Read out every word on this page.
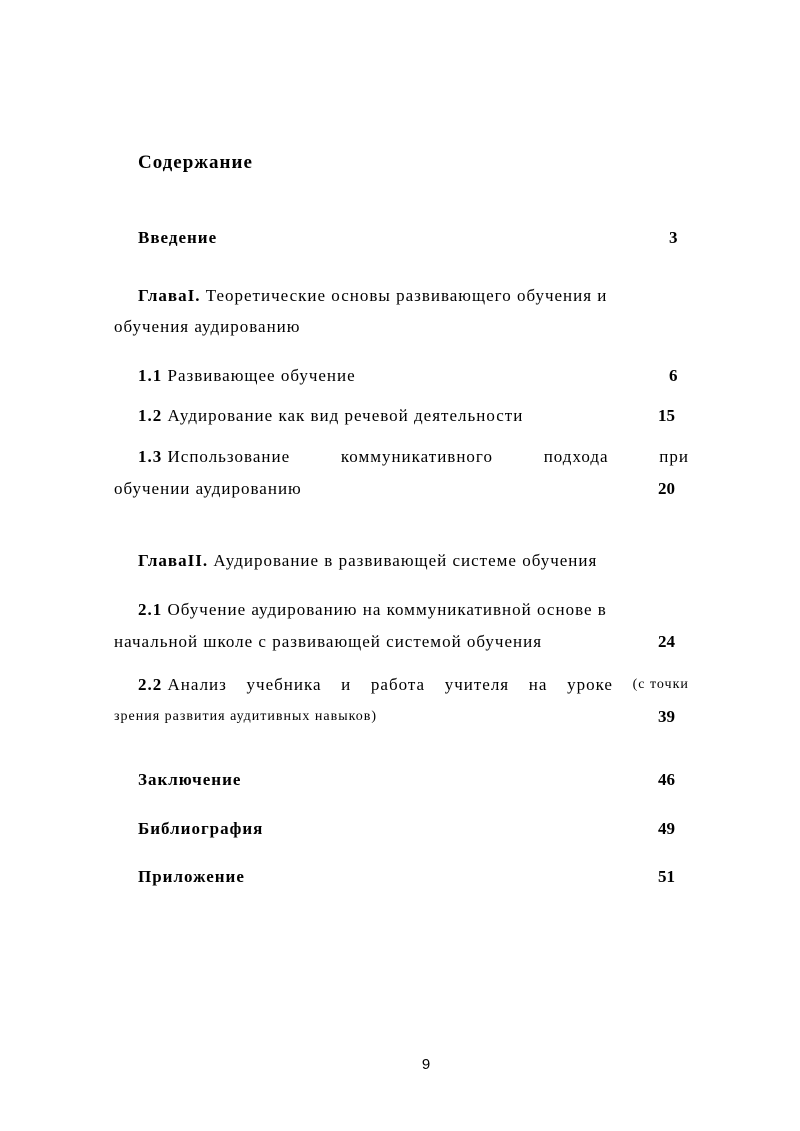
Содержание
Введение	3
ГлаваI. Теоретические основы развивающего обучения и
обучения аудированию
1.1 Развивающее обучение	6
1.2 Аудирование как вид речевой деятельности	15
1.3 Использование	коммуникативного	подхода	при
обучении аудированию	20
ГлаваII. Аудирование в развивающей системе обучения
2.1 Обучение аудированию на коммуникативной основе в
начальной школе с развивающей системой обучения	24
2.2 Анализ учебника и работа учителя на уроке (с точки
зрения развития аудитивных навыков)	39
Заключение	46
Библиография	49
Приложение	51
9
